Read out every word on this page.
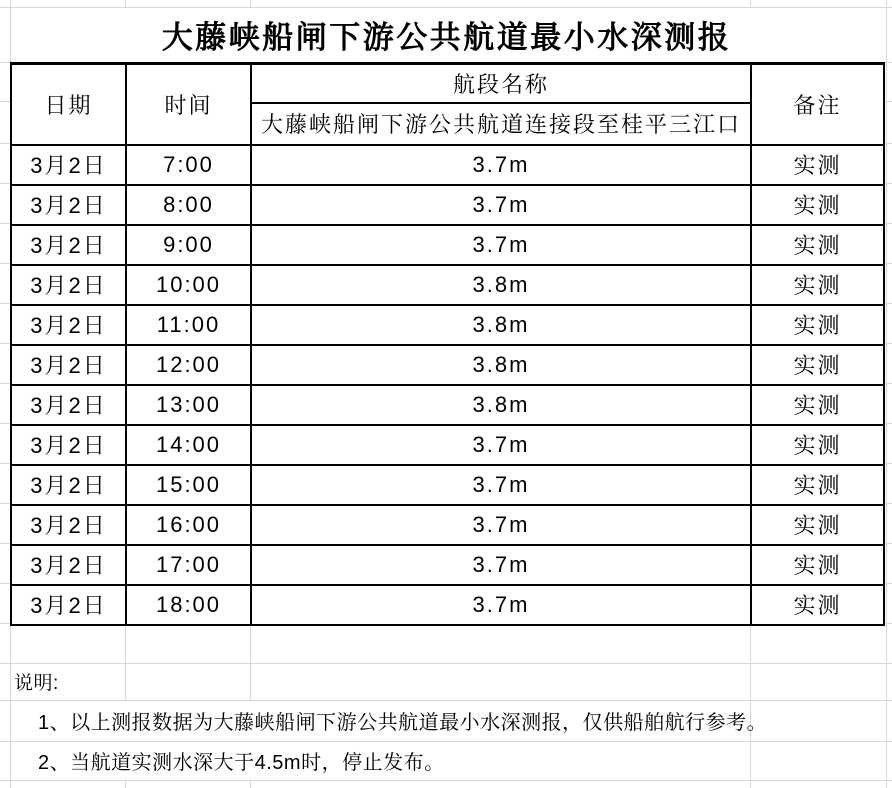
大藤峡船闸下游公共航道最小水深测报
日期	时间	航段名称	备注
		大藤峡船闸下游公共航道连接段至桂平三江口	
3月2日	7:00	3.7m	实测
3月2日	8:00	3.7m	实测
3月2日	9:00	3.7m	实测
3月2日	10:00	3.8m	实测
3月2日	11:00	3.8m	实测
3月2日	12:00	3.8m	实测
3月2日	13:00	3.8m	实测
3月2日	14:00	3.7m	实测
3月2日	15:00	3.7m	实测
3月2日	16:00	3.7m	实测
3月2日	17:00	3.7m	实测
3月2日	18:00	3.7m	实测
说明:
1、以上测报数据为大藤峡船闸下游公共航道最小水深测报，仅供船舶航行参考。
2、当航道实测水深大于4.5m时，停止发布。
